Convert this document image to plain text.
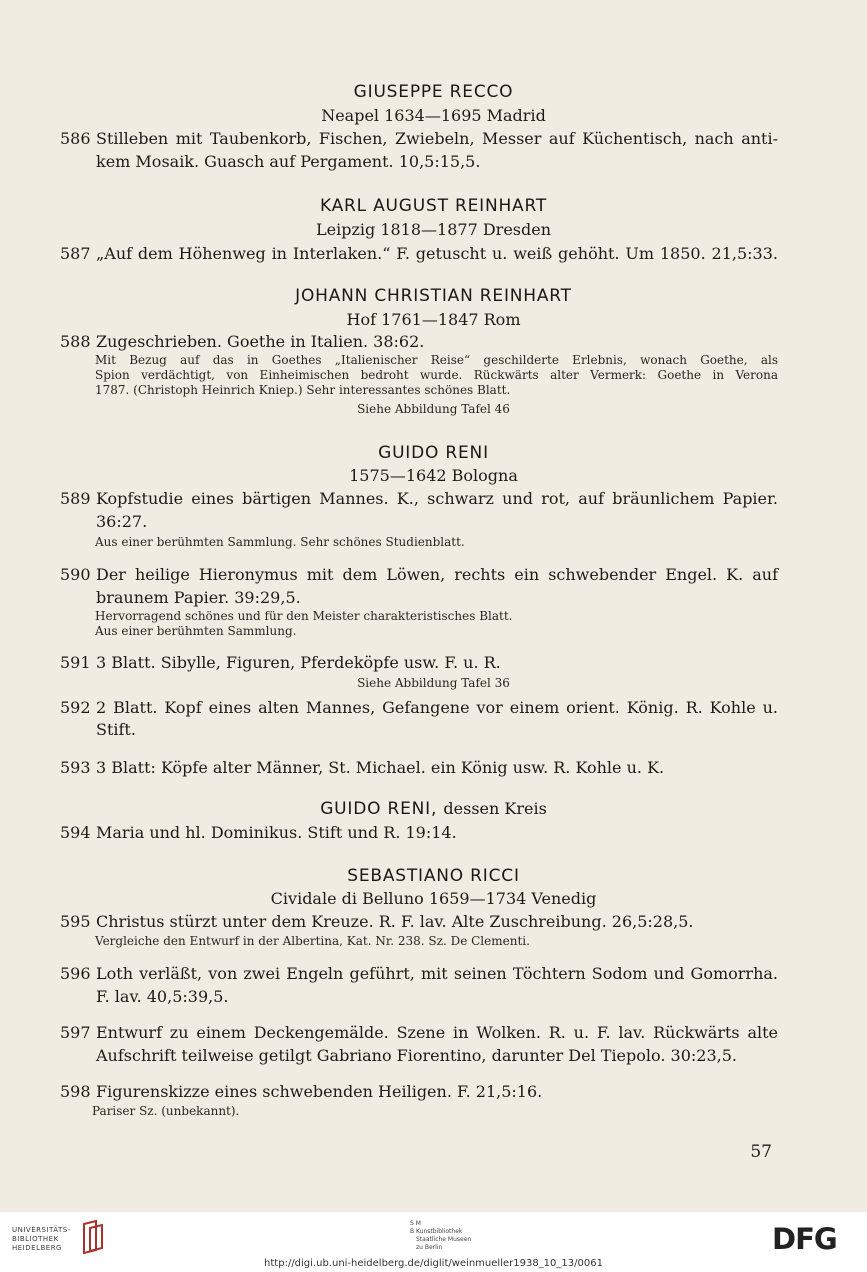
GIUSEPPE RECCO
Neapel 1634—1695 Madrid
586 Stilleben mit Taubenkorb, Fischen, Zwiebeln, Messer auf Küchentisch, nach anti-
kem Mosaik. Guasch auf Pergament. 10,5:15,5.
KARL AUGUST REINHART
Leipzig 1818—1877 Dresden
587 „Auf dem Höhenweg in Interlaken.“ F. getuscht u. weiß gehöht. Um 1850. 21,5:33.
JOHANN CHRISTIAN REINHART
Hof 1761—1847 Rom
588 Zugeschrieben. Goethe in Italien. 38:62.
Mit Bezug auf das in Goethes „Italienischer Reise“ geschilderte Erlebnis, wonach Goethe, als
Spion verdächtigt, von Einheimischen bedroht wurde. Rückwärts alter Vermerk: Goethe in Verona
1787. (Christoph Heinrich Kniep.) Sehr interessantes schönes Blatt.
Siehe Abbildung Tafel 46
GUIDO RENI
1575—1642 Bologna
589 Kopfstudie eines bärtigen Mannes. K., schwarz und rot, auf bräunlichem Papier.
36:27.
Aus einer berühmten Sammlung. Sehr schönes Studienblatt.
590 Der heilige Hieronymus mit dem Löwen, rechts ein schwebender Engel. K. auf
braunem Papier. 39:29,5.
Hervorragend schönes und für den Meister charakteristisches Blatt.
Aus einer berühmten Sammlung.
591 3 Blatt. Sibylle, Figuren, Pferdeköpfe usw. F. u. R.
Siehe Abbildung Tafel 36
592 2 Blatt. Kopf eines alten Mannes, Gefangene vor einem orient. König. R. Kohle u.
Stift.
593 3 Blatt: Köpfe alter Männer, St. Michael. ein König usw. R. Kohle u. K.
GUIDO RENI, dessen Kreis
594 Maria und hl. Dominikus. Stift und R. 19:14.
SEBASTIANO RICCI
Cividale di Belluno 1659—1734 Venedig
595 Christus stürzt unter dem Kreuze. R. F. lav. Alte Zuschreibung. 26,5:28,5.
Vergleiche den Entwurf in der Albertina, Kat. Nr. 238. Sz. De Clementi.
596 Loth verläßt, von zwei Engeln geführt, mit seinen Töchtern Sodom und Gomorrha.
F. lav. 40,5:39,5.
597 Entwurf zu einem Deckengemälde. Szene in Wolken. R. u. F. lav. Rückwärts alte
Aufschrift teilweise getilgt Gabriano Fiorentino, darunter Del Tiepolo. 30:23,5.
598 Figurenskizze eines schwebenden Heiligen. F. 21,5:16.
Pariser Sz. (unbekannt).
57
UNIVERSITÄTS-
BIBLIOTHEK
HEIDELBERG
S M
B Kunstbibliothek
Staatliche Museen
zu Berlin	DFG
http://digi.ub.uni-heidelberg.de/diglit/weinmueller1938_10_13/0061
